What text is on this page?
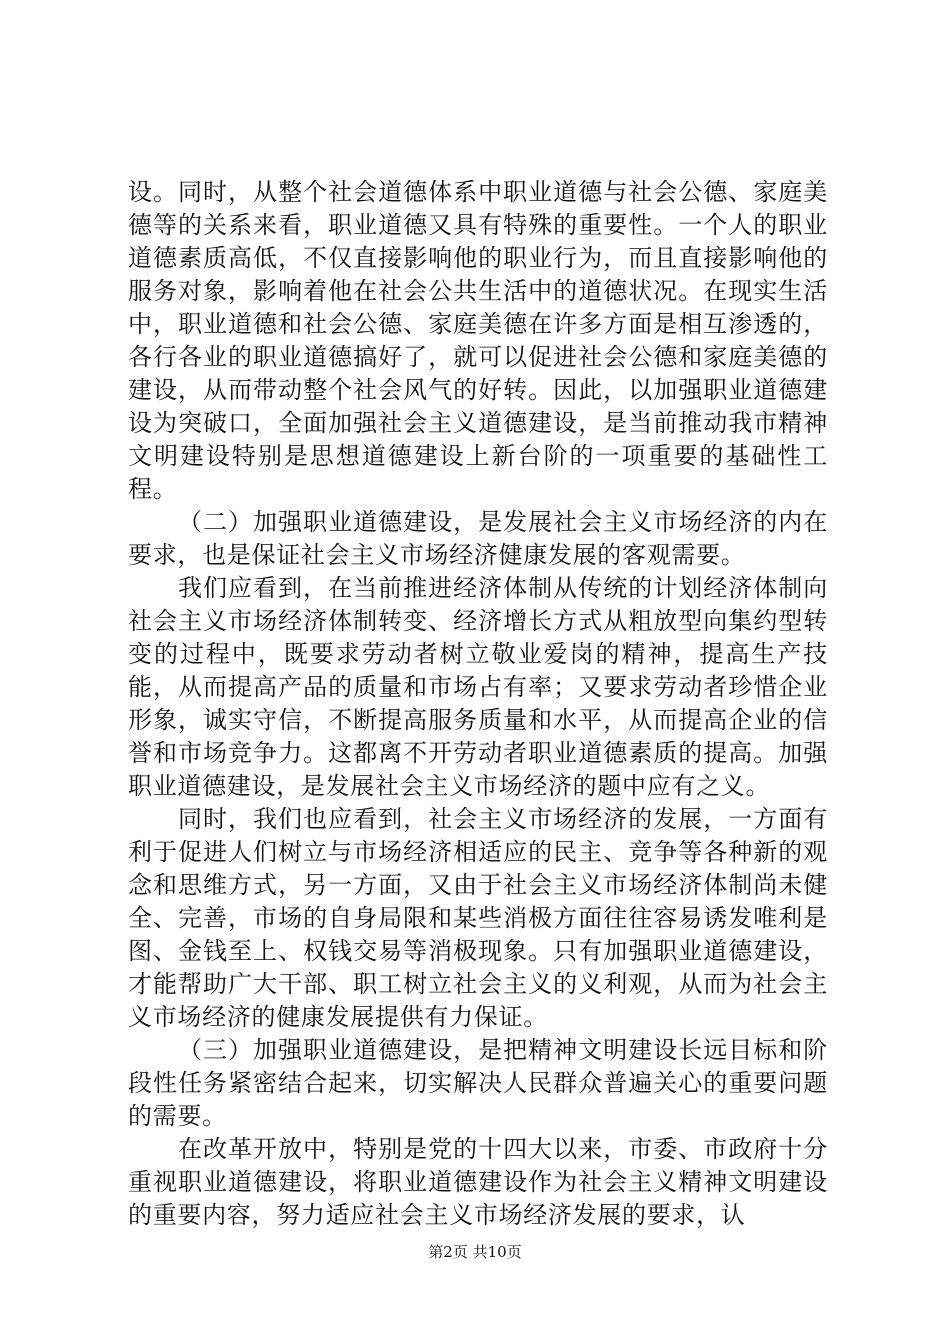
设。同时，从整个社会道德体系中职业道德与社会公德、家庭美德等的关系来看，职业道德又具有特殊的重要性。一个人的职业道德素质高低，不仅直接影响他的职业行为，而且直接影响他的服务对象，影响着他在社会公共生活中的道德状况。在现实生活中，职业道德和社会公德、家庭美德在许多方面是相互渗透的，各行各业的职业道德搞好了，就可以促进社会公德和家庭美德的建设，从而带动整个社会风气的好转。因此，以加强职业道德建设为突破口，全面加强社会主义道德建设，是当前推动我市精神文明建设特别是思想道德建设上新台阶的一项重要的基础性工程。

（二）加强职业道德建设，是发展社会主义市场经济的内在要求，也是保证社会主义市场经济健康发展的客观需要。

我们应看到，在当前推进经济体制从传统的计划经济体制向社会主义市场经济体制转变、经济增长方式从粗放型向集约型转变的过程中，既要求劳动者树立敬业爱岗的精神，提高生产技能，从而提高产品的质量和市场占有率；又要求劳动者珍惜企业形象，诚实守信，不断提高服务质量和水平，从而提高企业的信誉和市场竞争力。这都离不开劳动者职业道德素质的提高。加强职业道德建设，是发展社会主义市场经济的题中应有之义。

同时，我们也应看到，社会主义市场经济的发展，一方面有利于促进人们树立与市场经济相适应的民主、竞争等各种新的观念和思维方式，另一方面，又由于社会主义市场经济体制尚未健全、完善，市场的自身局限和某些消极方面往往容易诱发唯利是图、金钱至上、权钱交易等消极现象。只有加强职业道德建设，才能帮助广大干部、职工树立社会主义的义利观，从而为社会主义市场经济的健康发展提供有力保证。

（三）加强职业道德建设，是把精神文明建设长远目标和阶段性任务紧密结合起来，切实解决人民群众普遍关心的重要问题的需要。

在改革开放中，特别是党的十四大以来，市委、市政府十分重视职业道德建设，将职业道德建设作为社会主义精神文明建设的重要内容，努力适应社会主义市场经济发展的要求，认

第2页 共10页
